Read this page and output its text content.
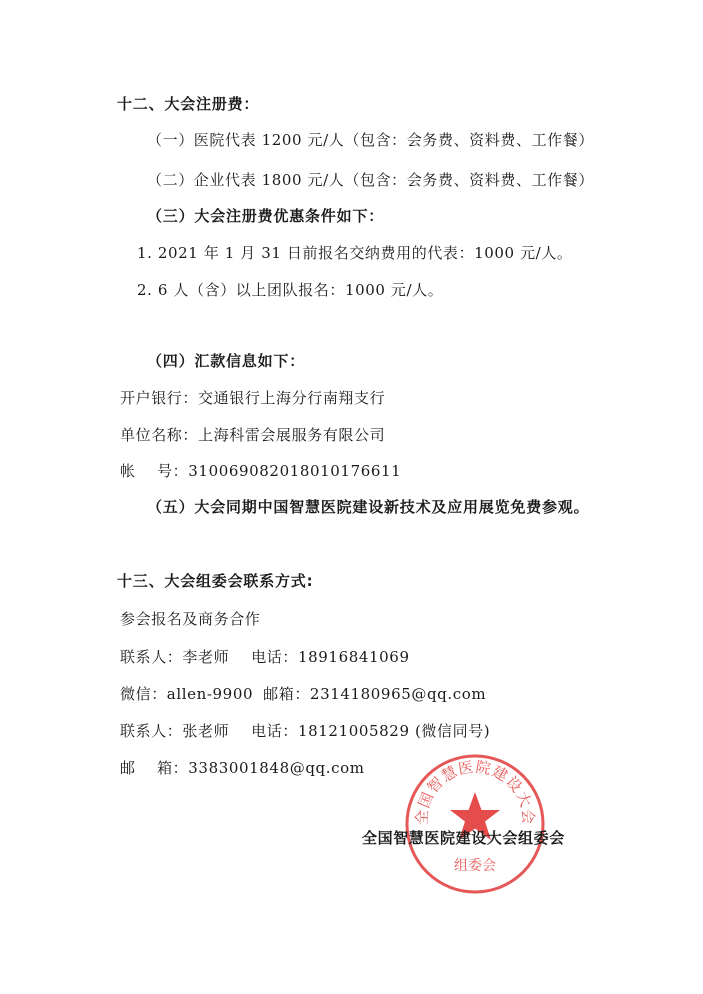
十二、大会注册费：
（一）医院代表 1200 元/人（包含：会务费、资料费、工作餐）
（二）企业代表 1800 元/人（包含：会务费、资料费、工作餐）
（三）大会注册费优惠条件如下：
1. 2021 年 1 月 31 日前报名交纳费用的代表：1000 元/人。
2. 6 人（含）以上团队报名：1000 元/人。
（四）汇款信息如下：
开户银行：交通银行上海分行南翔支行
单位名称：上海科雷会展服务有限公司
帐    号：310069082018010176611
（五）大会同期中国智慧医院建设新技术及应用展览免费参观。
十三、大会组委会联系方式:
参会报名及商务合作
联系人：李老师 电话：18916841069
微信：allen-9900 邮箱：2314180965@qq.com
联系人：张老师 电话：18121005829 (微信同号)
邮    箱：3383001848@qq.com
全国智慧医院建设大会
组委会
全国智慧医院建设大会组委会
